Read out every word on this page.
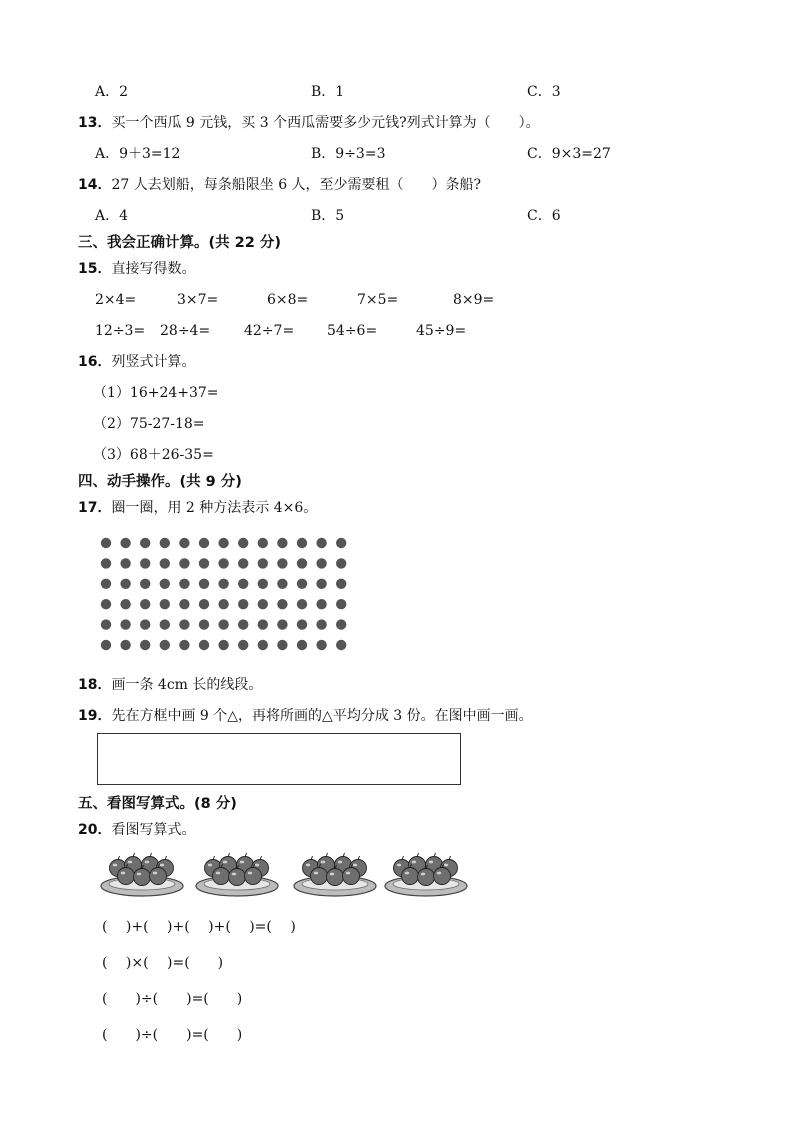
A．2	B．1	C．3
13．买一个西瓜 9 元钱，买 3 个西瓜需要多少元钱?列式计算为（　　）。
A．9＋3=12	B．9÷3=3	C．9×3=27
14．27 人去划船，每条船限坐 6 人，至少需要租（　　）条船?
A．4	B．5	C．6
三、我会正确计算。(共 22 分)
15．直接写得数。
2×4=	3×7=	6×8=	7×5=	8×9=
12÷3= 28÷4= 42÷7= 54÷6=	45÷9=
16．列竖式计算。
（1）16+24+37=
（2）75-27-18=
（3）68＋26-35=
四、动手操作。(共 9 分)
17．圈一圈，用 2 种方法表示 4×6。
18．画一条 4cm 长的线段。
19．先在方框中画 9 个△，再将所画的△平均分成 3 份。在图中画一画。
五、看图写算式。(8 分)
20．看图写算式。
(　 )+(　 )+(　 )+(　 )=(　 )
(　 )×(　 )=(　　)
(　　)÷(　　)=(　　)
(　　)÷(　　)=(　　)
